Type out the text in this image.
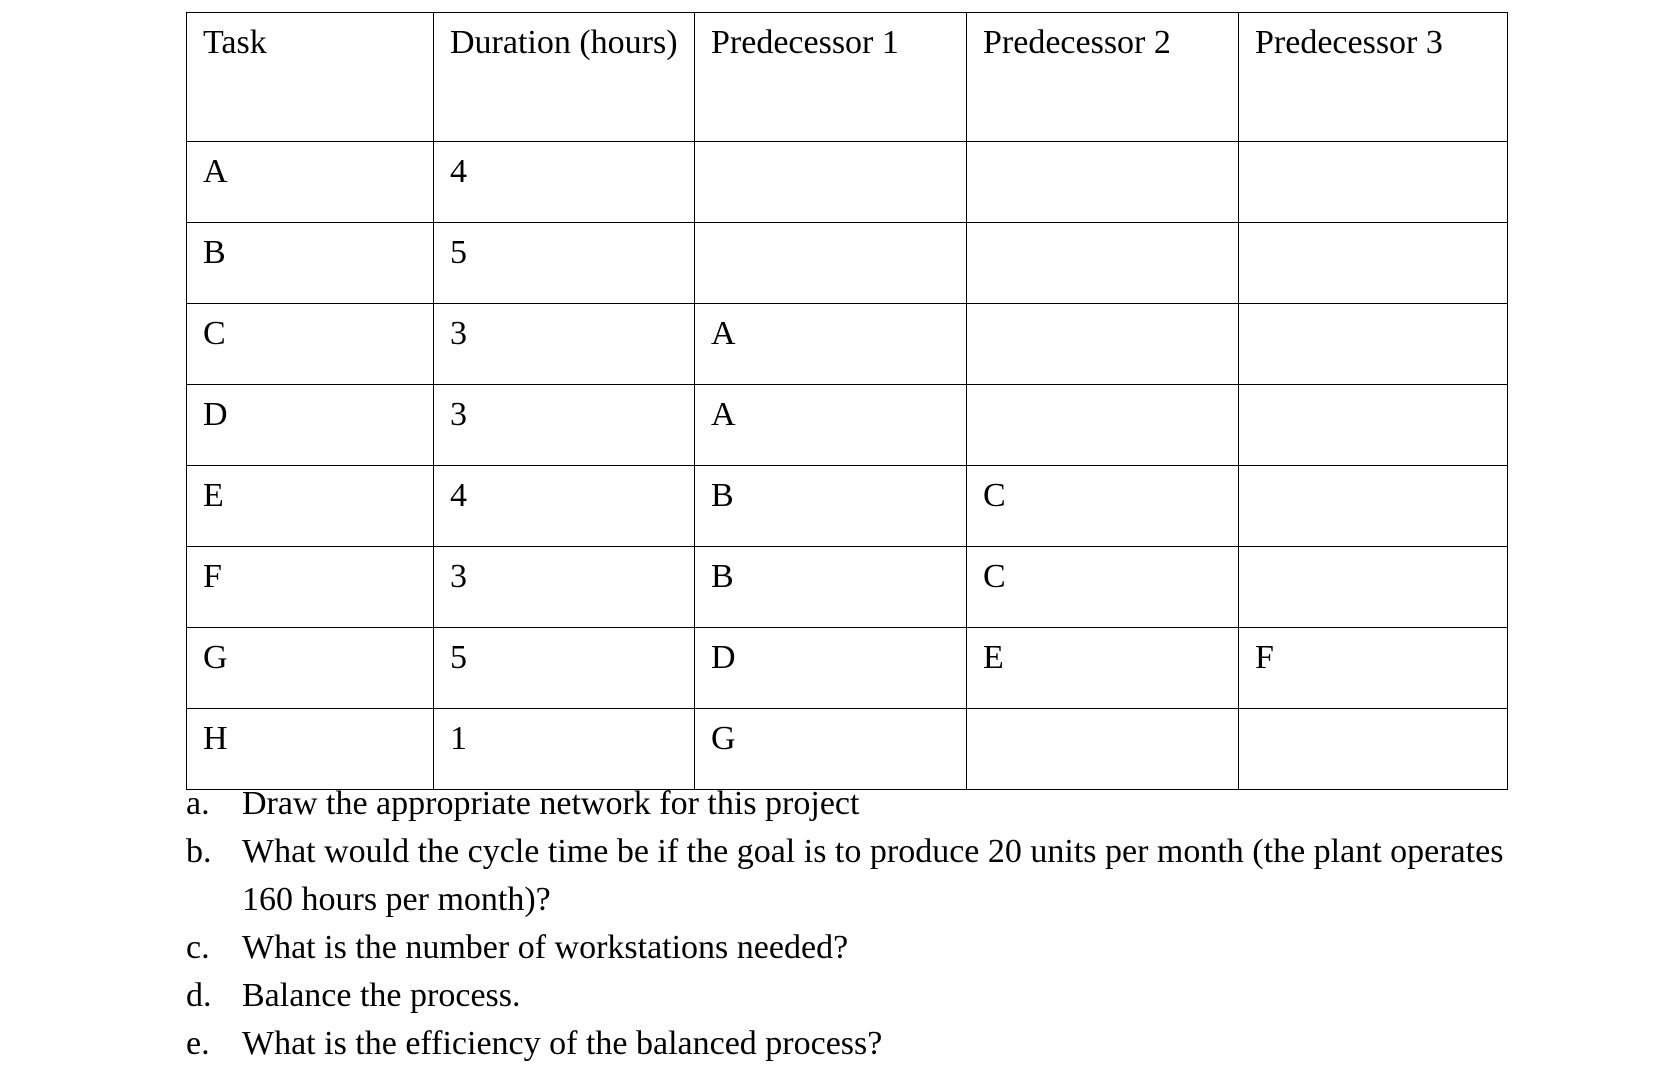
Task	Duration (hours)	Predecessor 1	Predecessor 2	Predecessor 3
A	4			
B	5			
C	3	A		
D	3	A		
E	4	B	C	
F	3	B	C	
G	5	D	E	F
H	1	G		
a. Draw the appropriate network for this project
b. What would the cycle time be if the goal is to produce 20 units per month (the plant operates 160 hours per month)?
c. What is the number of workstations needed?
d. Balance the process.
e. What is the efficiency of the balanced process?
